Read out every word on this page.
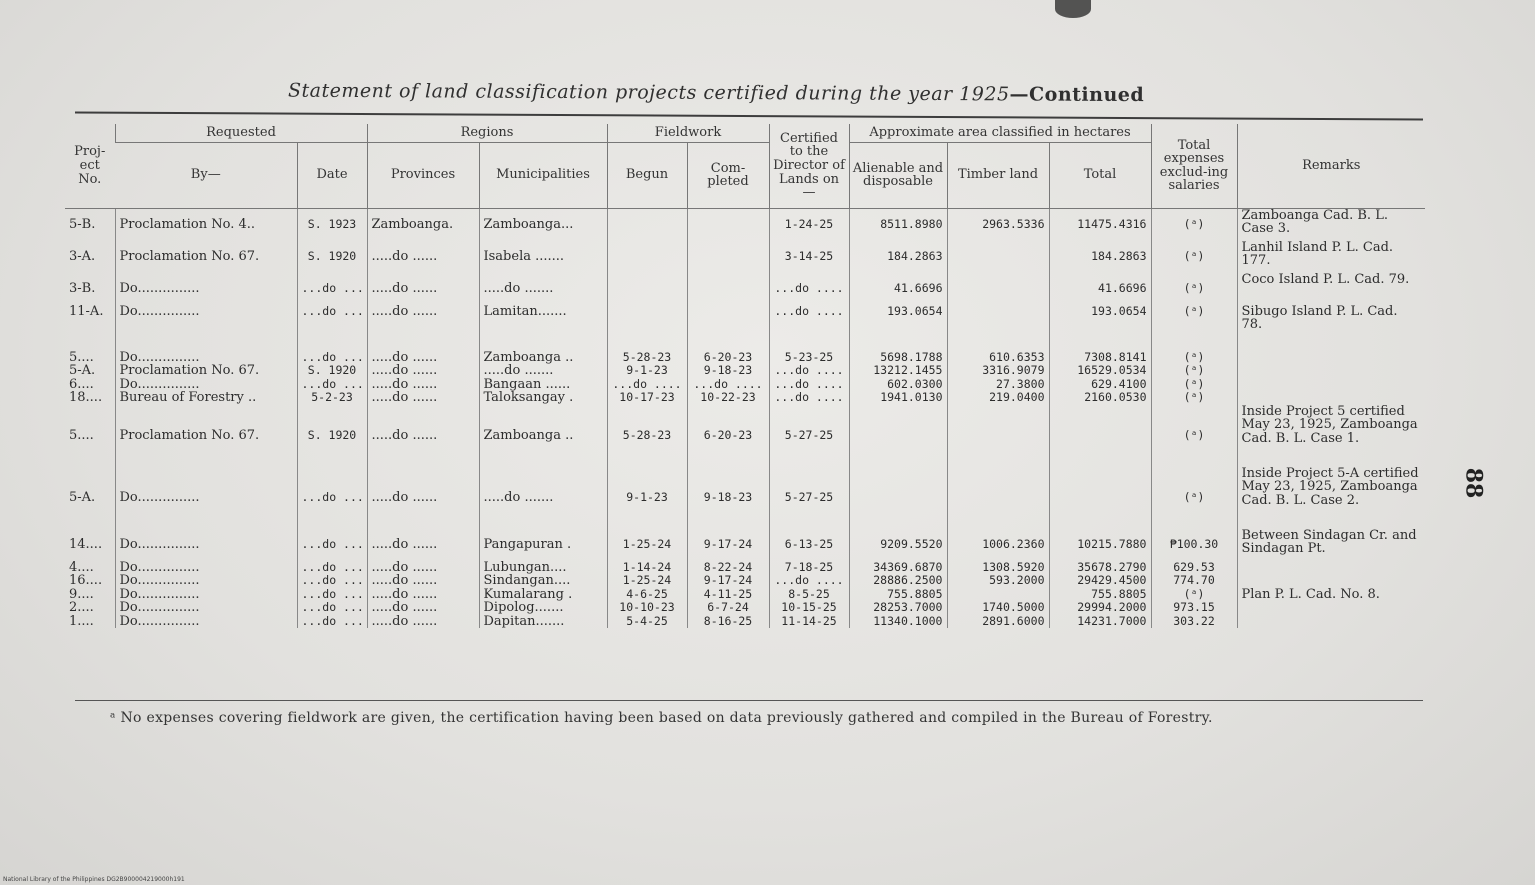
Statement of land classification projects certified during the year 1925—Continued
Proj-ect No.	Requested		Regions		Fieldwork		Certified to the Director of Lands on—	Approximate area classified in hectares			Total expenses exclud-ing salaries	Remarks
	By—	Date	Provinces	Municipalities	Begun	Com-pleted		Alienable and disposable	Timber land	Total		
5-B.	Proclamation No. 4..	S. 1923	Zamboanga.	Zamboanga...			1-24-25	8511.8980	2963.5336	11475.4316	(ᵃ)	Zamboanga Cad. B. L. Case 3.
3-A.	Proclamation No. 67.	S. 1920	.....do ......	Isabela .......			3-14-25	184.2863		184.2863	(ᵃ)	Lanhil Island P. L. Cad. 177.
3-B.	Do...............	...do ...	.....do ......	.....do .......			...do ....	41.6696		41.6696	(ᵃ)	Coco Island P. L. Cad. 79.
11-A.	Do...............	...do ...	.....do ......	Lamitan.......			...do ....	193.0654		193.0654	(ᵃ)	Sibugo Island P. L. Cad. 78.
5....	Do...............	...do ...	.....do ......	Zamboanga ..	5-28-23	6-20-23	5-23-25	5698.1788	610.6353	7308.8141	(ᵃ)	
5-A.	Proclamation No. 67.	S. 1920	.....do ......	.....do .......	9-1-23	9-18-23	...do ....	13212.1455	3316.9079	16529.0534	(ᵃ)	
6....	Do...............	...do ...	.....do ......	Bangaan ......	...do ....	...do ....	...do ....	602.0300	27.3800	629.4100	(ᵃ)	
18....	Bureau of Forestry ..	5-2-23	.....do ......	Taloksangay .	10-17-23	10-22-23	...do ....	1941.0130	219.0400	2160.0530	(ᵃ)	
5....	Proclamation No. 67.	S. 1920	.....do ......	Zamboanga ..	5-28-23	6-20-23	5-27-25				(ᵃ)	Inside Project 5 certified May 23, 1925, Zamboanga Cad. B. L. Case 1.
5-A.	Do...............	...do ...	.....do ......	.....do .......	9-1-23	9-18-23	5-27-25				(ᵃ)	Inside Project 5-A certified May 23, 1925, Zamboanga Cad. B. L. Case 2.
14....	Do...............	...do ...	.....do ......	Pangapuran .	1-25-24	9-17-24	6-13-25	9209.5520	1006.2360	10215.7880	₱100.30	Between Sindagan Cr. and Sindagan Pt.
4....	Do...............	...do ...	.....do ......	Lubungan....	1-14-24	8-22-24	7-18-25	34369.6870	1308.5920	35678.2790	629.53	
16....	Do...............	...do ...	.....do ......	Sindangan....	1-25-24	9-17-24	...do ....	28886.2500	593.2000	29429.4500	774.70	
9....	Do...............	...do ...	.....do ......	Kumalarang .	4-6-25	4-11-25	8-5-25	755.8805		755.8805	(ᵃ)	Plan P. L. Cad. No. 8.
2....	Do...............	...do ...	.....do ......	Dipolog.......	10-10-23	6-7-24	10-15-25	28253.7000	1740.5000	29994.2000	973.15	
1....	Do...............	...do ...	.....do ......	Dapitan.......	5-4-25	8-16-25	11-14-25	11340.1000	2891.6000	14231.7000	303.22	
ᵃ No expenses covering fieldwork are given, the certification having been based on data previously gathered and compiled in the Bureau of Forestry.
88
National Library of the Philippines DG2B900004219000h191
